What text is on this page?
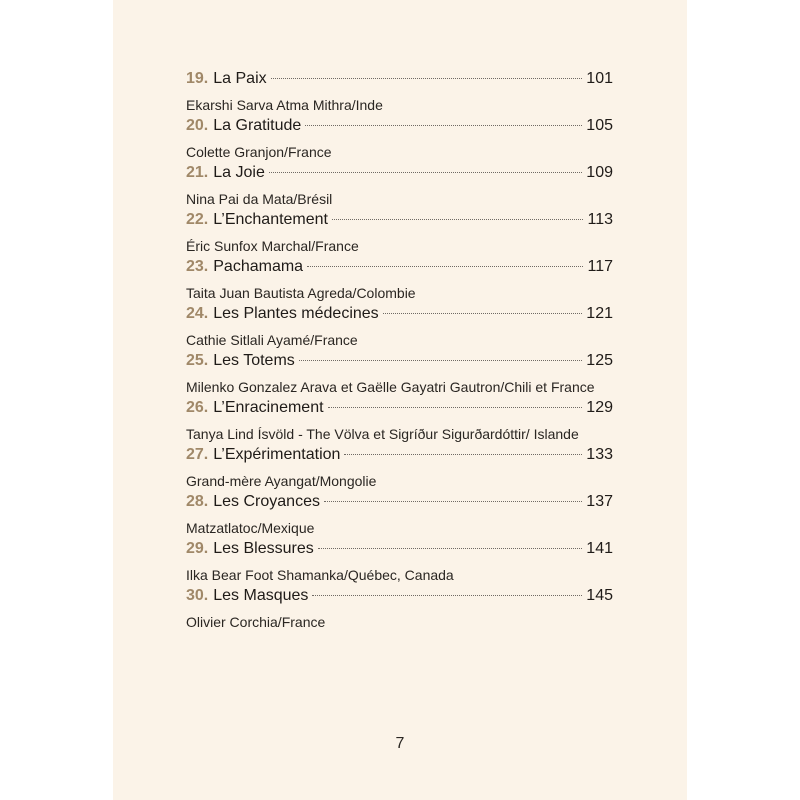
19. La Paix	101
Ekarshi Sarva Atma Mithra/Inde
20. La Gratitude	105
Colette Granjon/France
21. La Joie	109
Nina Pai da Mata/Brésil
22. L’Enchantement	113
Éric Sunfox Marchal/France
23. Pachamama	117
Taita Juan Bautista Agreda/Colombie
24. Les Plantes médecines	121
Cathie Sitlali Ayamé/France
25. Les Totems	125
Milenko Gonzalez Arava et Gaëlle Gayatri Gautron/Chili et France
26. L’Enracinement	129
Tanya Lind Ísvöld - The Völva et Sigríður Sigurðardóttir/ Islande
27. L’Expérimentation	133
Grand-mère Ayangat/Mongolie
28. Les Croyances	137
Matzatlatoc/Mexique
29. Les Blessures	141
Ilka Bear Foot Shamanka/Québec, Canada
30. Les Masques	145
Olivier Corchia/France
7
